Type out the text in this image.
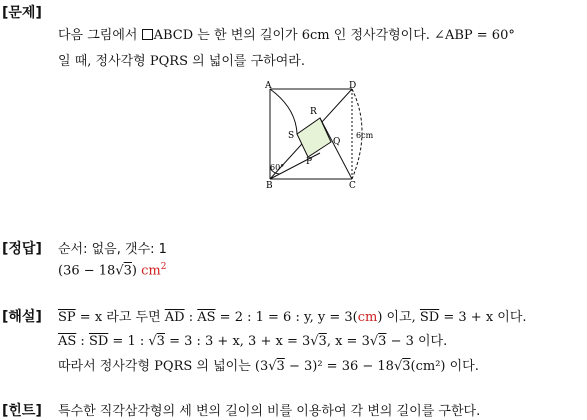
[문제]
다음 그림에서 ABCD 는 한 변의 길이가 6cm 인 정사각형이다. ∠ABP = 60°
일 때, 정사각형 PQRS 의 넓이를 구하여라.
A	D
B	C
R
S
Q
P
60°
6cm
[정답] 순서: 없음, 갯수: 1
(36 − 18√3) $cm^2$
[해설] $\overline{SP} = x$ 라고 두면 $\overline{AD}$ : $\overline{AS} = 2$ : 1 = 6 : y, y = 3(cm) 이고, $\overline{SD} = 3 + x$ 이다.
$\overline{AS}$ : $\overline{SD} = 1$ : √3 = 3 : 3 + x, 3 + x = 3√3, x = 3√3 − 3 이다.
따라서 정사각형 PQRS 의 넓이는 (3√3 − 3)² = 36 − 18√3(cm²) 이다.
[힌트] 특수한 직각삼각형의 세 변의 길이의 비를 이용하여 각 변의 길이를 구한다.
